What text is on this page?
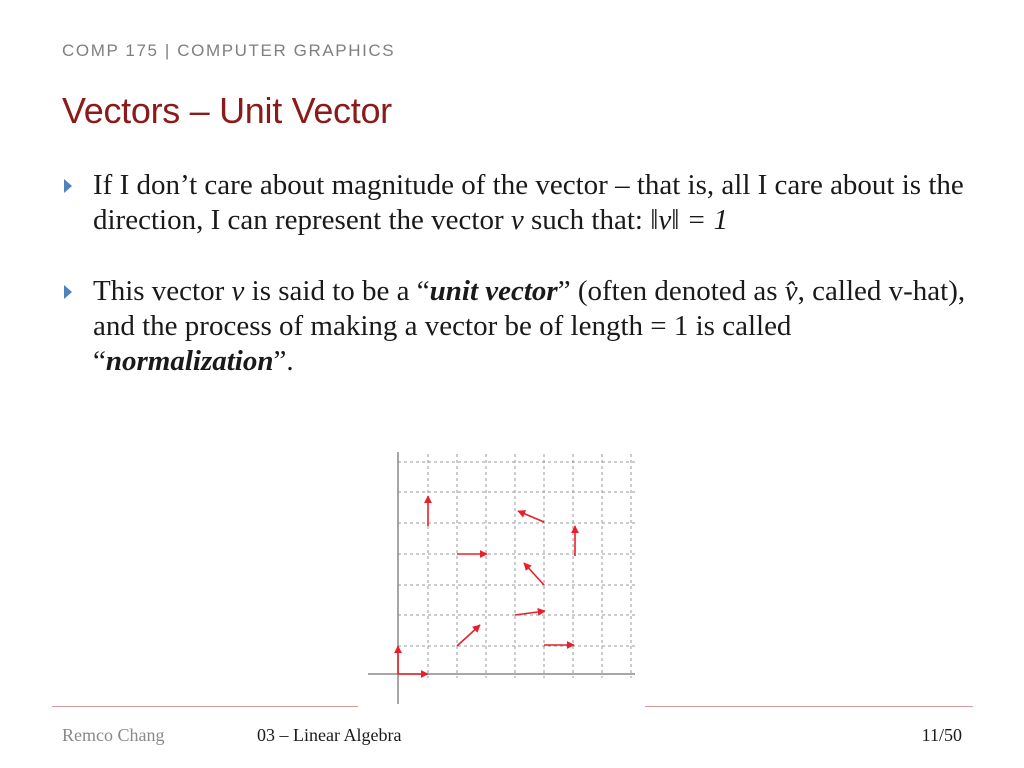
COMP 175 | COMPUTER GRAPHICS
Vectors – Unit Vector
If I don’t care about magnitude of the vector – that is, all I care about is the direction, I can represent the vector v such that: ‖v‖ = 1
This vector v is said to be a “unit vector” (often denoted as v̂, called v-hat), and the process of making a vector be of length = 1 is called “normalization”.
Remco Chang	03 – Linear Algebra	11/50
